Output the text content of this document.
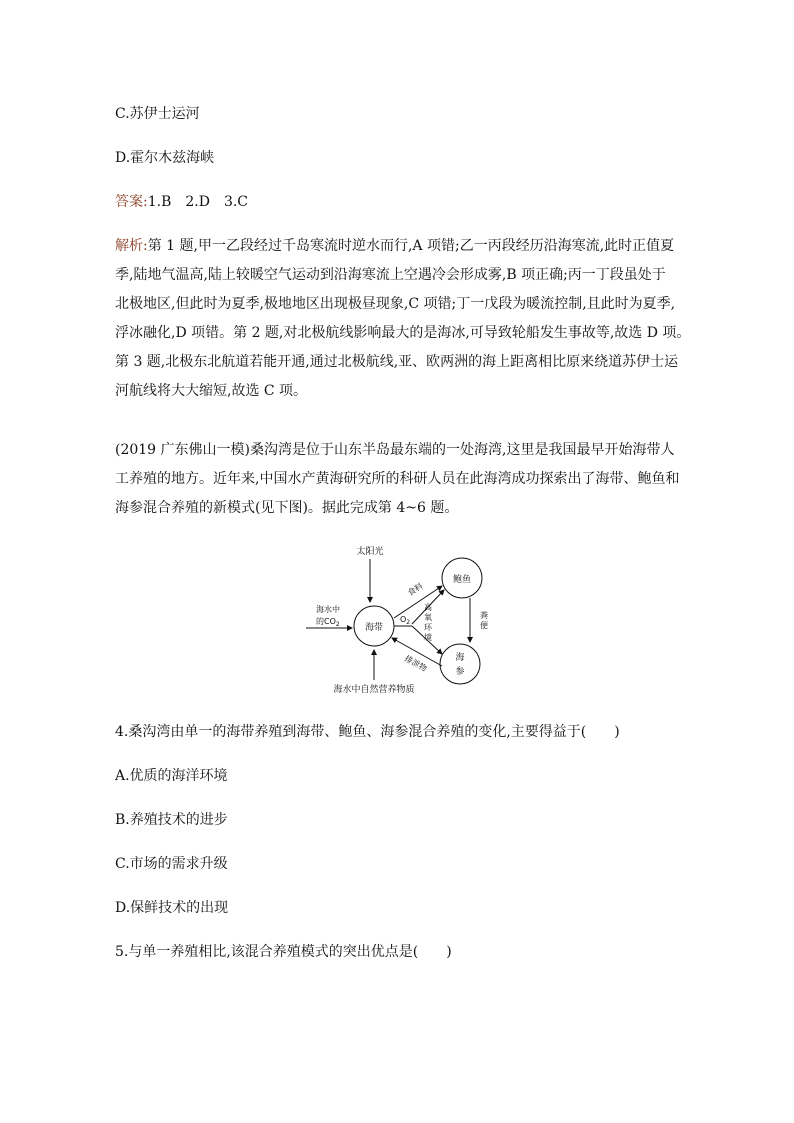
C.苏伊士运河
D.霍尔木兹海峡
答案:1.B　2.D　3.C
解析:第 1 题,甲一乙段经过千岛寒流时逆水而行,A 项错;乙一丙段经历沿海寒流,此时正值夏
季,陆地气温高,陆上较暖空气运动到沿海寒流上空遇冷会形成雾,B 项正确;丙一丁段虽处于
北极地区,但此时为夏季,极地地区出现极昼现象,C 项错;丁一戊段为暖流控制,且此时为夏季,
浮冰融化,D 项错。第 2 题,对北极航线影响最大的是海冰,可导致轮船发生事故等,故选 D 项。
第 3 题,北极东北航道若能开通,通过北极航线,亚、欧两洲的海上距离相比原来绕道苏伊士运
河航线将大大缩短,故选 C 项。
(2019 广东佛山一模)桑沟湾是位于山东半岛最东端的一处海湾,这里是我国最早开始海带人
工养殖的地方。近年来,中国水产黄海研究所的科研人员在此海湾成功探索出了海带、鲍鱼和
海参混合养殖的新模式(见下图)。据此完成第 4~6 题。
太阳光
海水中
的$CO_2$	海带
鲍鱼
海
参
食料
$O_2$
高
氧
环
境
粪
便
排泄物
海水中自然营养物质
4.桑沟湾由单一的海带养殖到海带、鲍鱼、海参混合养殖的变化,主要得益于(　　)
A.优质的海洋环境
B.养殖技术的进步
C.市场的需求升级
D.保鲜技术的出现
5.与单一养殖相比,该混合养殖模式的突出优点是(　　)
